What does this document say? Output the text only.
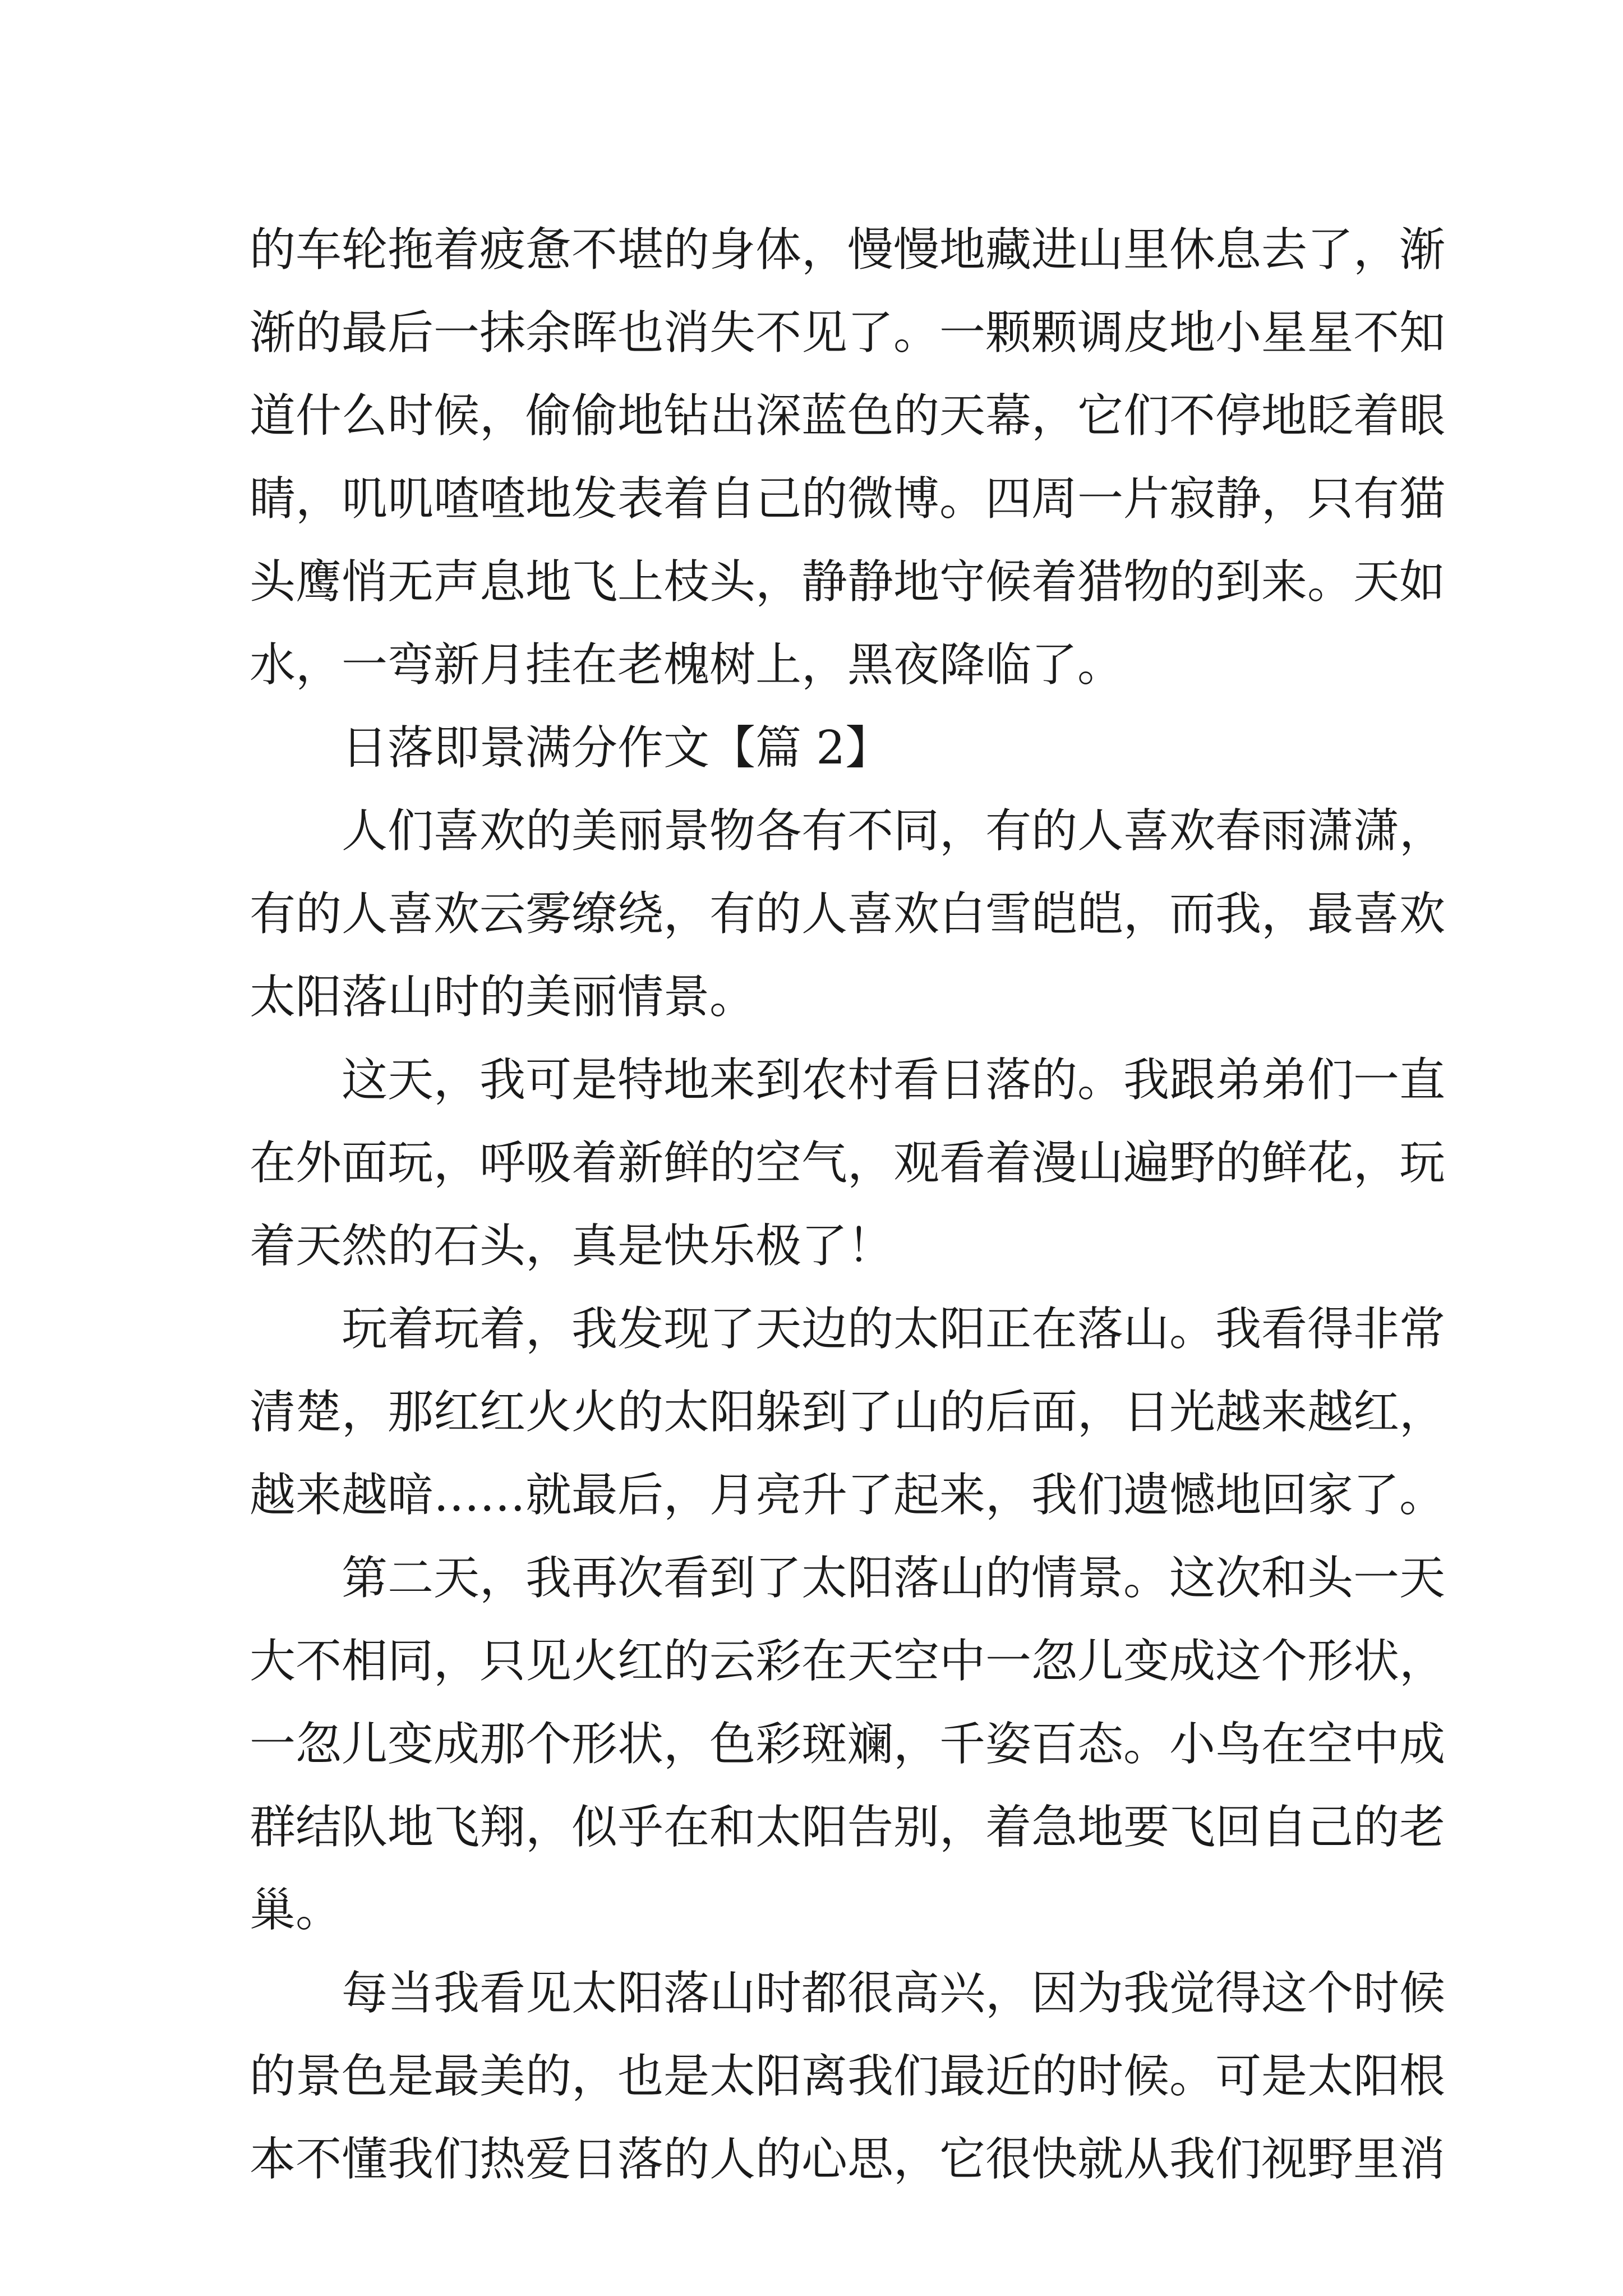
的车轮拖着疲惫不堪的身体，慢慢地藏进山里休息去了，渐
渐的最后一抹余晖也消失不见了。一颗颗调皮地小星星不知
道什么时候，偷偷地钻出深蓝色的天幕，它们不停地眨着眼
睛，叽叽喳喳地发表着自己的微博。四周一片寂静，只有猫
头鹰悄无声息地飞上枝头，静静地守候着猎物的到来。天如
水，一弯新月挂在老槐树上，黑夜降临了。
日落即景满分作文【篇 2】
人们喜欢的美丽景物各有不同，有的人喜欢春雨潇潇，
有的人喜欢云雾缭绕，有的人喜欢白雪皑皑，而我，最喜欢
太阳落山时的美丽情景。
这天，我可是特地来到农村看日落的。我跟弟弟们一直
在外面玩，呼吸着新鲜的空气，观看着漫山遍野的鲜花，玩
着天然的石头，真是快乐极了！
玩着玩着，我发现了天边的太阳正在落山。我看得非常
清楚，那红红火火的太阳躲到了山的后面，日光越来越红，
越来越暗……就最后，月亮升了起来，我们遗憾地回家了。
第二天，我再次看到了太阳落山的情景。这次和头一天
大不相同，只见火红的云彩在天空中一忽儿变成这个形状，
一忽儿变成那个形状，色彩斑斓，千姿百态。小鸟在空中成
群结队地飞翔，似乎在和太阳告别，着急地要飞回自己的老
巢。
每当我看见太阳落山时都很高兴，因为我觉得这个时候
的景色是最美的，也是太阳离我们最近的时候。可是太阳根
本不懂我们热爱日落的人的心思，它很快就从我们视野里消
